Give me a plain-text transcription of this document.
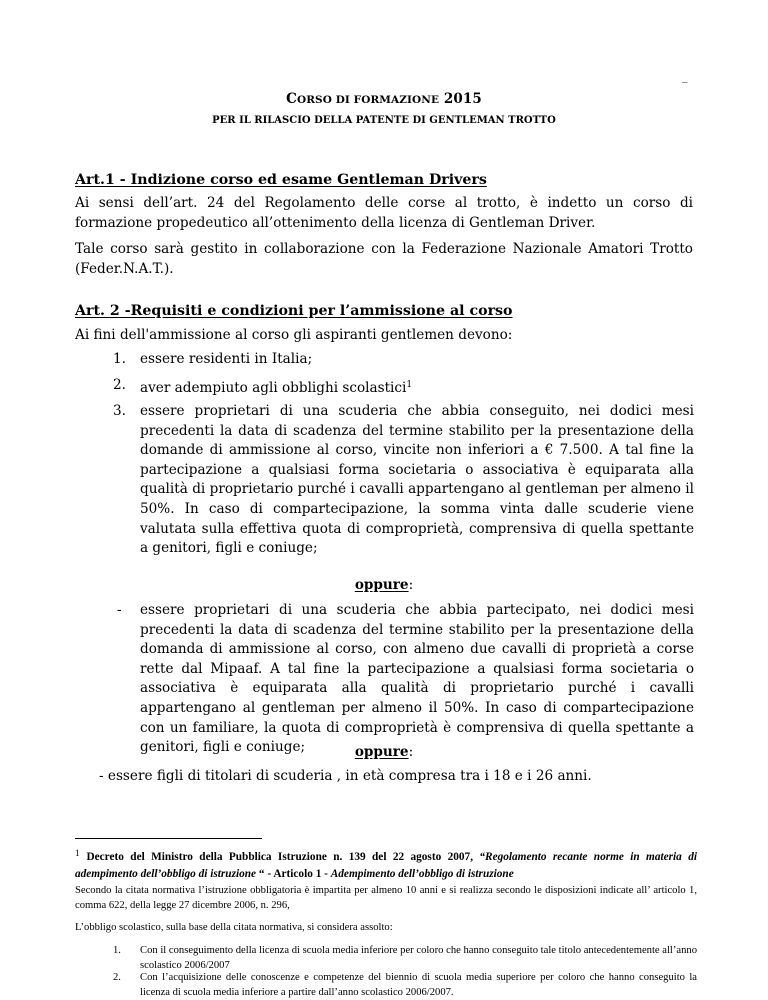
_
CORSO DI FORMAZIONE 2015
PER IL RILASCIO DELLA PATENTE DI GENTLEMAN TROTTO
Art.1 - Indizione corso ed esame Gentleman Drivers
Ai sensi dell’art. 24 del Regolamento delle corse al trotto, è indetto un corso di formazione propedeutico all’ottenimento della licenza di Gentleman Driver.
Tale corso sarà gestito in collaborazione con la Federazione Nazionale Amatori Trotto (Feder.N.A.T.).
Art. 2 -Requisiti e condizioni per l’ammissione al corso
Ai fini dell'ammissione al corso gli aspiranti gentlemen devono:
1. essere residenti in Italia;
2. aver adempiuto agli obblighi scolastici$^1$
3. essere proprietari di una scuderia che abbia conseguito, nei dodici mesi precedenti la data di scadenza del termine stabilito per la presentazione della domande di ammissione al corso, vincite non inferiori a € 7.500. A tal fine la partecipazione a qualsiasi forma societaria o associativa è equiparata alla qualità di proprietario purché i cavalli appartengano al gentleman per almeno il 50%. In caso di compartecipazione, la somma vinta dalle scuderie viene valutata sulla effettiva quota di comproprietà, comprensiva di quella spettante a genitori, figli e coniuge;
oppure:
- essere proprietari di una scuderia che abbia partecipato, nei dodici mesi precedenti la data di scadenza del termine stabilito per la presentazione della domanda di ammissione al corso, con almeno due cavalli di proprietà a corse rette dal Mipaaf. A tal fine la partecipazione a qualsiasi forma societaria o associativa è equiparata alla qualità di proprietario purché i cavalli appartengano al gentleman per almeno il 50%. In caso di compartecipazione con un familiare, la quota di comproprietà è comprensiva di quella spettante a genitori, figli e coniuge;	oppure:
- essere figli di titolari di scuderia , in età compresa tra i 18 e i 26 anni.
$^1$ Decreto del Ministro della Pubblica Istruzione n. 139 del 22 agosto 2007, “Regolamento recante norme in materia di adempimento dell’obbligo di istruzione “ - Articolo 1 - Adempimento dell’obbligo di istruzione
Secondo la citata normativa l’istruzione obbligatoria è impartita per almeno 10 anni e si realizza secondo le disposizioni indicate all’ articolo 1, comma 622, della legge 27 dicembre 2006, n. 296,
L’obbligo scolastico, sulla base della citata normativa, si considera assolto:
1. Con il conseguimento della licenza di scuola media inferiore per coloro che hanno conseguito tale titolo antecedentemente all’anno scolastico 2006/2007
2. Con l’acquisizione delle conoscenze e competenze del biennio di scuola media superiore per coloro che hanno conseguito la licenza di scuola media inferiore a partire dall’anno scolastico 2006/2007.
